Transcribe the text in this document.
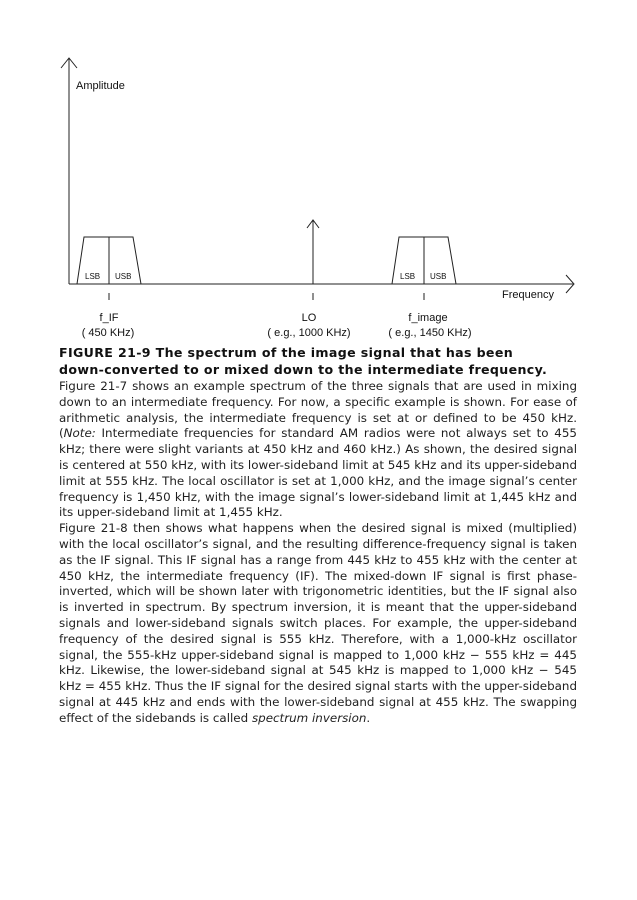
Amplitude
Frequency
LSB USB	LSB USB
f_IF
( 450 KHz)
LO
( e.g., 1000 KHz)
f_image
( e.g., 1450 KHz)
FIGURE 21-9 The spectrum of the image signal that has been
down-converted to or mixed down to the intermediate frequency.

Figure 21-7 shows an example spectrum of the three signals that are used in mixing down to an intermediate frequency. For now, a specific example is shown. For ease of arithmetic analysis, the intermediate frequency is set at or defined to be 450 kHz. (Note: Intermediate frequencies for standard AM radios were not always set to 455 kHz; there were slight variants at 450 kHz and 460 kHz.) As shown, the desired signal is centered at 550 kHz, with its lower-sideband limit at 545 kHz and its upper-sideband limit at 555 kHz. The local oscillator is set at 1,000 kHz, and the image signal’s center frequency is 1,450 kHz, with the image signal’s lower-sideband limit at 1,445 kHz and its upper-sideband limit at 1,455 kHz.

Figure 21-8 then shows what happens when the desired signal is mixed (multiplied) with the local oscillator’s signal, and the resulting difference-frequency signal is taken as the IF signal. This IF signal has a range from 445 kHz to 455 kHz with the center at 450 kHz, the intermediate frequency (IF). The mixed-down IF signal is first phase-inverted, which will be shown later with trigonometric identities, but the IF signal also is inverted in spectrum. By spectrum inversion, it is meant that the upper-sideband signals and lower-sideband signals switch places. For example, the upper-sideband frequency of the desired signal is 555 kHz. Therefore, with a 1,000-kHz oscillator signal, the 555-kHz upper-sideband signal is mapped to 1,000 kHz − 555 kHz = 445 kHz. Likewise, the lower-sideband signal at 545 kHz is mapped to 1,000 kHz − 545 kHz = 455 kHz. Thus the IF signal for the desired signal starts with the upper-sideband signal at 445 kHz and ends with the lower-sideband signal at 455 kHz. The swapping effect of the sidebands is called spectrum inversion.
